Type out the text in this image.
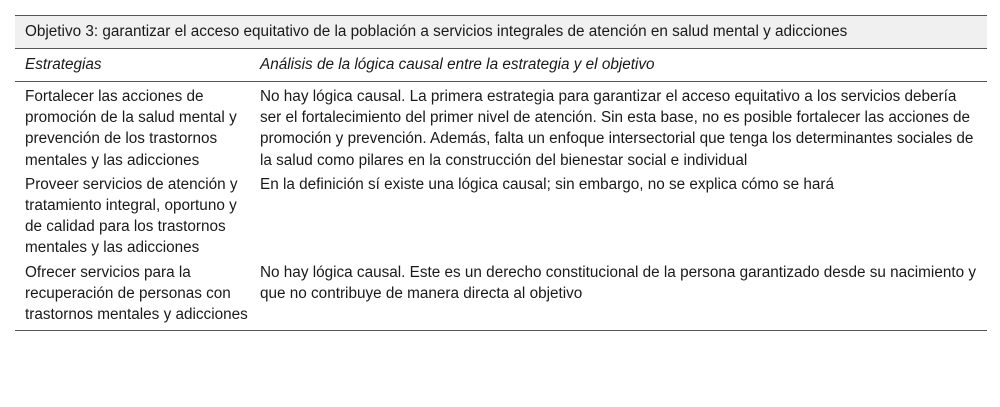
Objetivo 3: garantizar el acceso equitativo de la población a servicios integrales de atención en salud mental y adicciones
Estrategias	Análisis de la lógica causal entre la estrategia y el objetivo
Fortalecer las acciones de promoción de la salud mental y prevención de los trastornos mentales y las adicciones
No hay lógica causal. La primera estrategia para garantizar el acceso equitativo a los servicios debería ser el fortalecimiento del primer nivel de atención. Sin esta base, no es posible fortalecer las acciones de promoción y prevención. Además, falta un enfoque intersectorial que tenga los determinantes sociales de la salud como pilares en la construcción del bienestar social e individual
Proveer servicios de atención y tratamiento integral, oportuno y de calidad para los trastornos mentales y las adicciones
En la definición sí existe una lógica causal; sin embargo, no se explica cómo se hará
Ofrecer servicios para la recuperación de personas con trastornos mentales y adicciones
No hay lógica causal. Este es un derecho constitucional de la persona garantizado desde su nacimiento y que no contribuye de manera directa al objetivo
